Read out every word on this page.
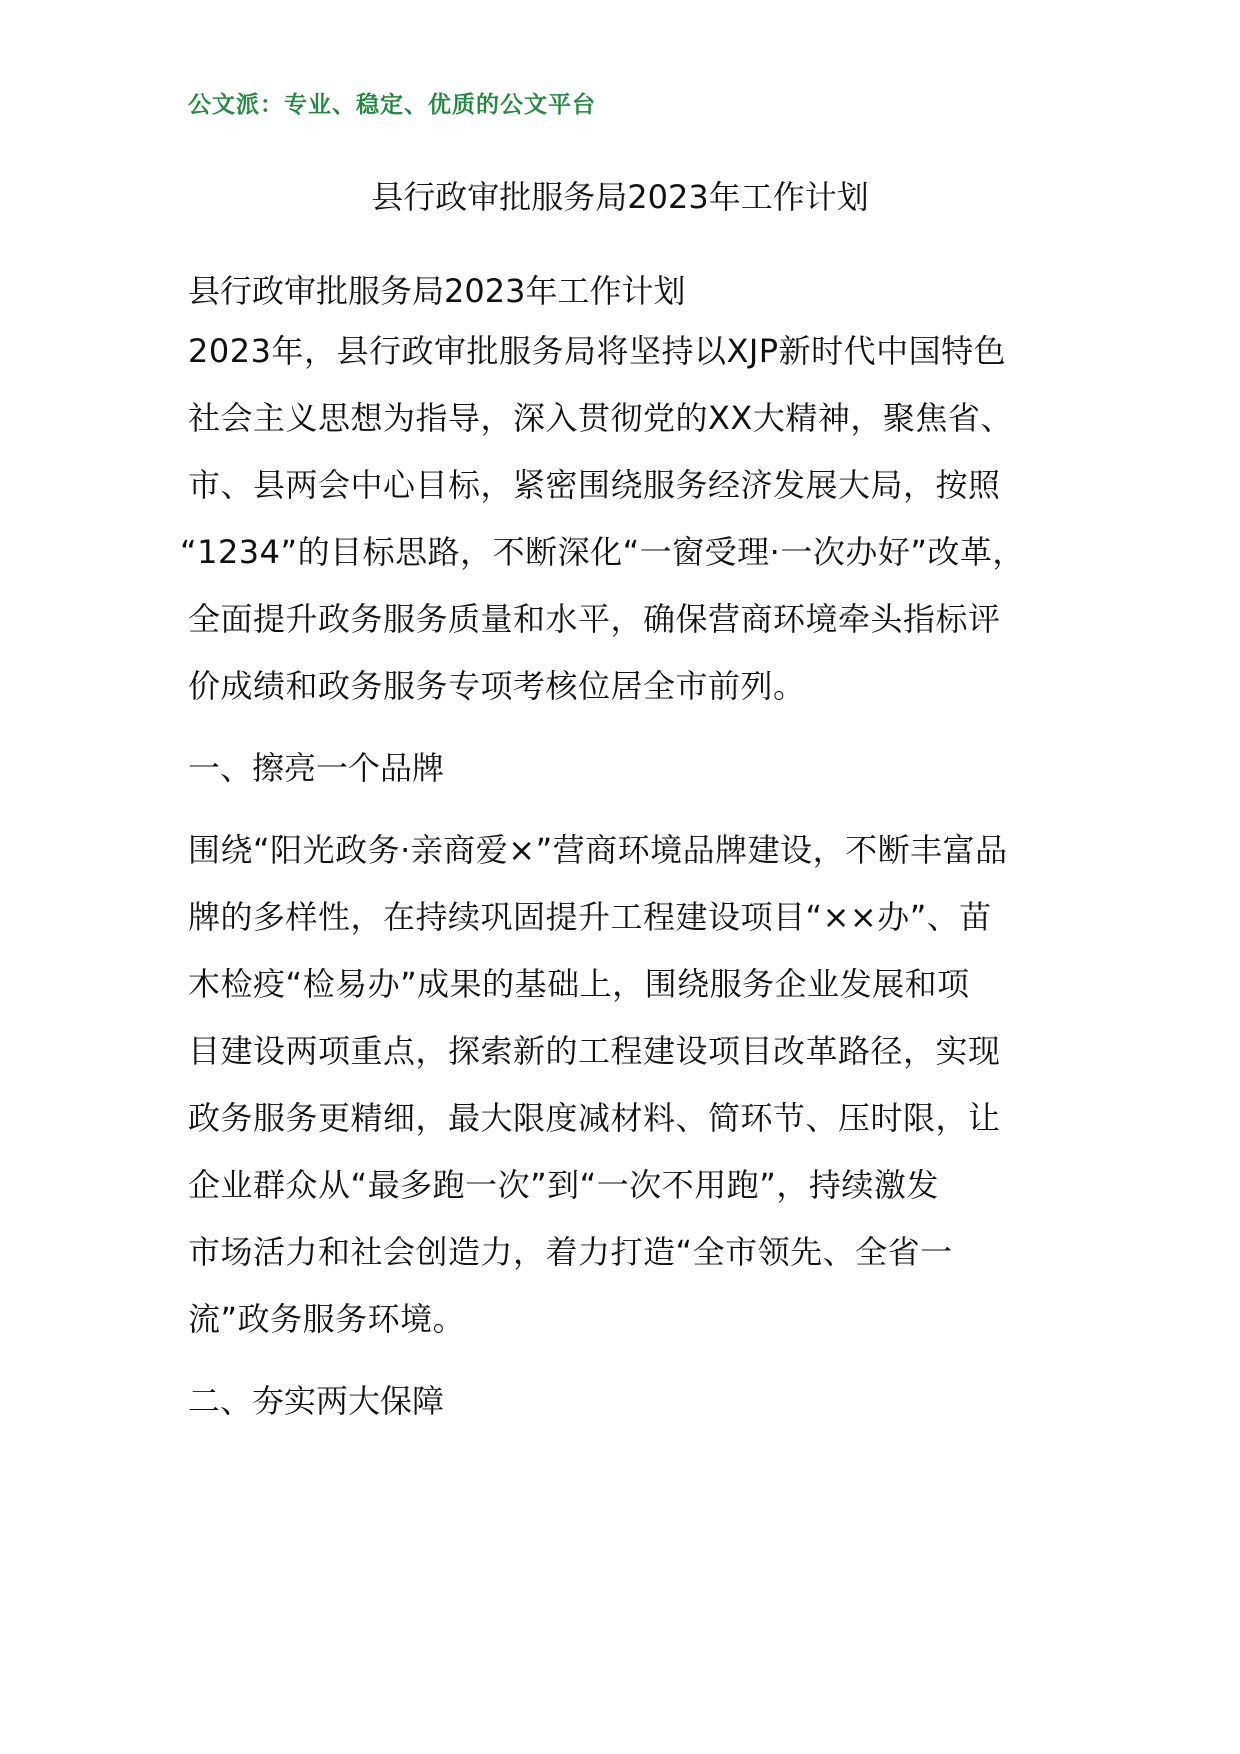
公文派：专业、稳定、优质的公文平台
县行政审批服务局2023年工作计划
县行政审批服务局2023年工作计划
2023年，县行政审批服务局将坚持以XJP新时代中国特色
社会主义思想为指导，深入贯彻党的XX大精神，聚焦省、
市、县两会中心目标，紧密围绕服务经济发展大局，按照
“1234”的目标思路，不断深化“一窗受理·一次办好”改革，
全面提升政务服务质量和水平，确保营商环境牵头指标评
价成绩和政务服务专项考核位居全市前列。
一、擦亮一个品牌
围绕“阳光政务·亲商爱×”营商环境品牌建设，不断丰富品
牌的多样性，在持续巩固提升工程建设项目“××办”、苗
木检疫“检易办”成果的基础上，围绕服务企业发展和项
目建设两项重点，探索新的工程建设项目改革路径，实现
政务服务更精细，最大限度减材料、简环节、压时限，让
企业群众从“最多跑一次”到“一次不用跑”，持续激发
市场活力和社会创造力，着力打造“全市领先、全省一
流”政务服务环境。
二、夯实两大保障
